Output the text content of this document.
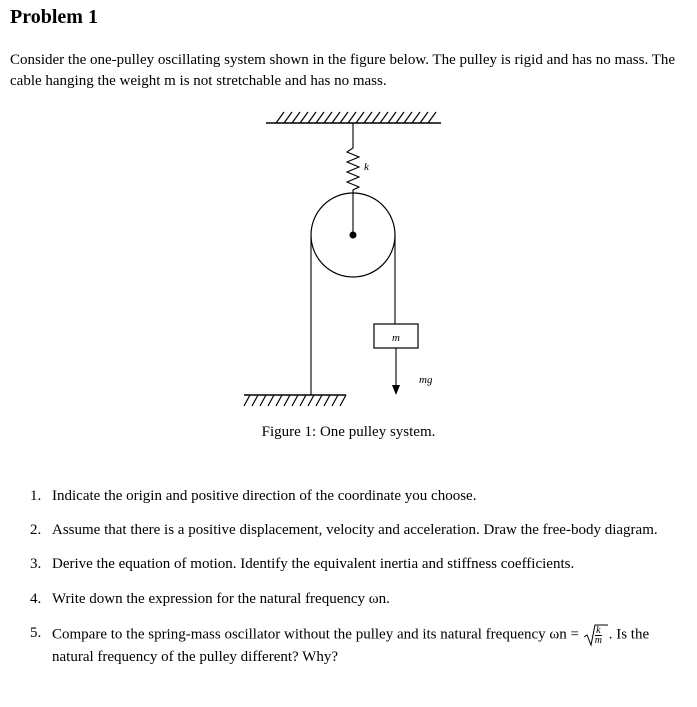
Problem 1

Consider the one-pulley oscillating system shown in the figure below. The pulley is rigid and has no mass. The cable hanging the weight m is not stretchable and has no mass.

k
m
mg
Figure 1: One pulley system.
1. Indicate the origin and positive direction of the coordinate you choose.
2. Assume that there is a positive displacement, velocity and acceleration. Draw the free-body diagram.
3. Derive the equation of motion. Identify the equivalent inertia and stiffness coefficients.
4. Write down the expression for the natural frequency ωn.
5. Compare to the spring-mass oscillator without the pulley and its natural frequency $\omega n = \frac{k}{m}$ . Is the natural frequency of the pulley different? Why?
